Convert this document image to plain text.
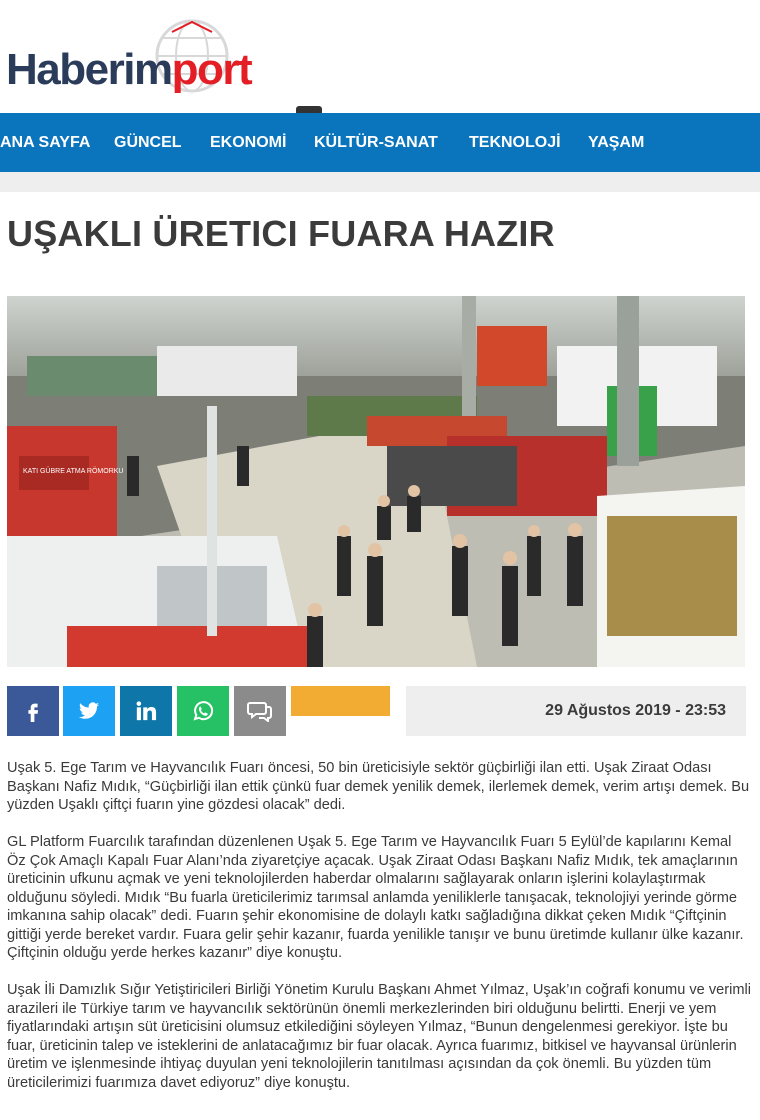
Haberimport
ANA SAYFA GÜNCEL EKONOMİ KÜLTÜR-SANAT TEKNOLOJİ YAŞAM
UŞAKLI ÜRETICI FUARA HAZIR
KATI GÜBRE ATMA RÖMORKU
29 Ağustos 2019 - 23:53

Uşak 5. Ege Tarım ve Hayvancılık Fuarı öncesi, 50 bin üreticisiyle sektör güçbirliği ilan etti. Uşak Ziraat Odası Başkanı Nafiz Mıdık, “Güçbirliği ilan ettik çünkü fuar demek yenilik demek, ilerlemek demek, verim artışı demek. Bu yüzden Uşaklı çiftçi fuarın yine gözdesi olacak” dedi.

GL Platform Fuarcılık tarafından düzenlenen Uşak 5. Ege Tarım ve Hayvancılık Fuarı 5 Eylül’de kapılarını Kemal Öz Çok Amaçlı Kapalı Fuar Alanı’nda ziyaretçiye açacak. Uşak Ziraat Odası Başkanı Nafiz Mıdık, tek amaçlarının üreticinin ufkunu açmak ve yeni teknolojilerden haberdar olmalarını sağlayarak onların işlerini kolaylaştırmak olduğunu söyledi. Mıdık “Bu fuarla üreticilerimiz tarımsal anlamda yeniliklerle tanışacak, teknolojiyi yerinde görme imkanına sahip olacak” dedi. Fuarın şehir ekonomisine de dolaylı katkı sağladığına dikkat çeken Mıdık “Çiftçinin gittiği yerde bereket vardır. Fuara gelir şehir kazanır, fuarda yenilikle tanışır ve bunu üretimde kullanır ülke kazanır. Çiftçinin olduğu yerde herkes kazanır” diye konuştu.

Uşak İli Damızlık Sığır Yetiştiricileri Birliği Yönetim Kurulu Başkanı Ahmet Yılmaz, Uşak’ın coğrafi konumu ve verimli arazileri ile Türkiye tarım ve hayvancılık sektörünün önemli merkezlerinden biri olduğunu belirtti. Enerji ve yem fiyatlarındaki artışın süt üreticisini olumsuz etkilediğini söyleyen Yılmaz, “Bunun dengelenmesi gerekiyor. İşte bu fuar, üreticinin talep ve isteklerini de anlatacağımız bir fuar olacak. Ayrıca fuarımız, bitkisel ve hayvansal ürünlerin üretim ve işlenmesinde ihtiyaç duyulan yeni teknolojilerin tanıtılması açısından da çok önemli. Bu yüzden tüm üreticilerimizi fuarımıza davet ediyoruz” diye konuştu.
